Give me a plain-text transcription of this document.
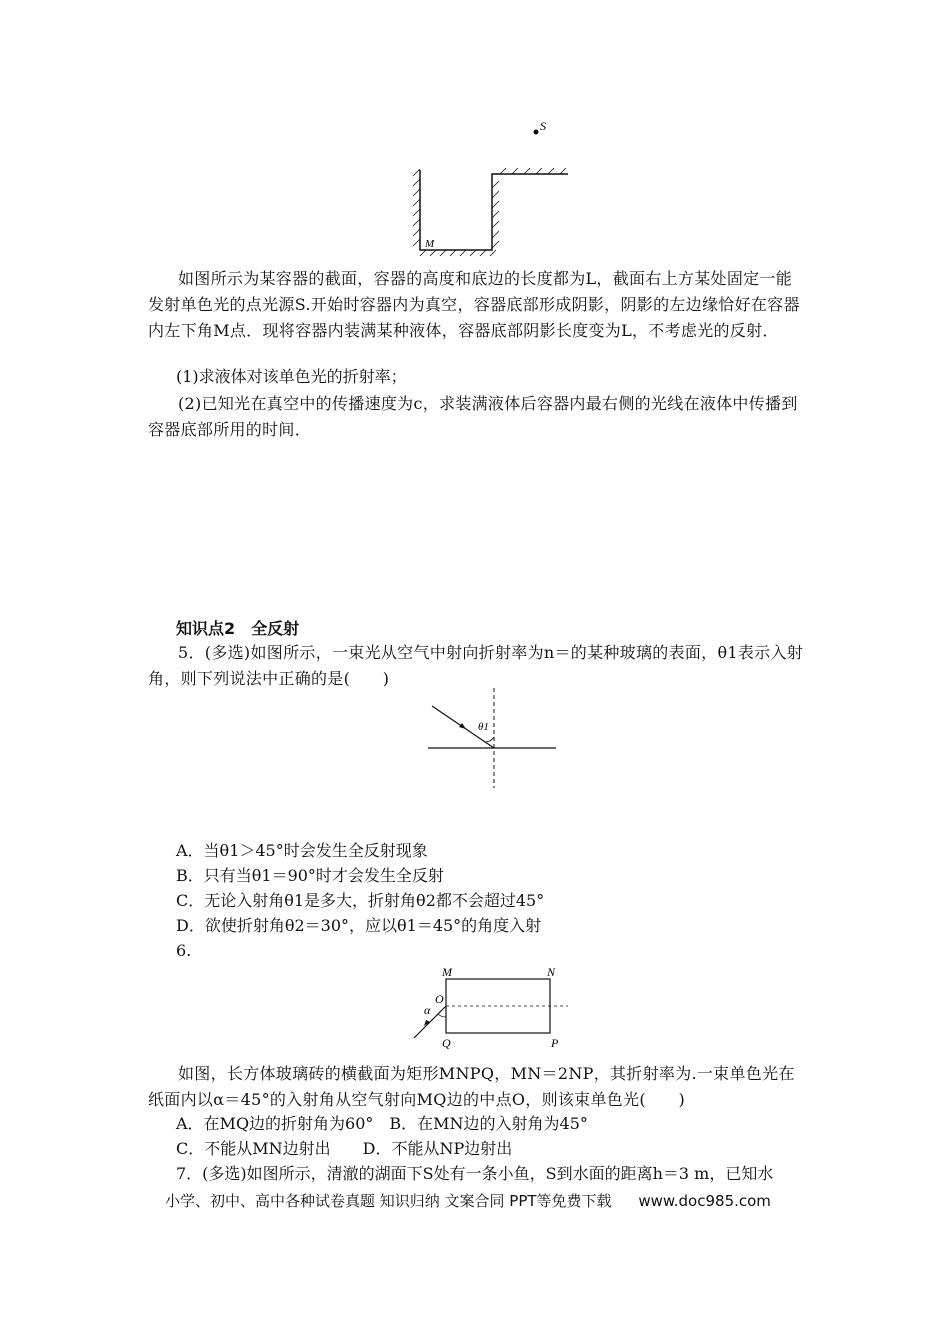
S
M
如图所示为某容器的截面，容器的高度和底边的长度都为L，截面右上方某处固定一能发射单色光的点光源S.开始时容器内为真空，容器底部形成阴影，阴影的左边缘恰好在容器内左下角M点．现将容器内装满某种液体，容器底部阴影长度变为L，不考虑光的反射．
(1)求液体对该单色光的折射率；
(2)已知光在真空中的传播速度为c，求装满液体后容器内最右侧的光线在液体中传播到容器底部所用的时间．
知识点2　全反射
5．(多选)如图所示，一束光从空气中射向折射率为n＝的某种玻璃的表面，θ1表示入射角，则下列说法中正确的是(　　)
θ1
A．当θ1＞45°时会发生全反射现象
B．只有当θ1＝90°时才会发生全反射
C．无论入射角θ1是多大，折射角θ2都不会超过45°
D．欲使折射角θ2＝30°，应以θ1＝45°的角度入射
6.
M	N
O
α
Q	P
如图，长方体玻璃砖的横截面为矩形MNPQ，MN＝2NP，其折射率为.一束单色光在纸面内以α＝45°的入射角从空气射向MQ边的中点O，则该束单色光(　　)
A．在MQ边的折射角为60°　B．在MN边的入射角为45°
C．不能从MN边射出　　D．不能从NP边射出
7．(多选)如图所示，清澈的湖面下S处有一条小鱼，S到水面的距离h＝3 m，已知水
小学、初中、高中各种试卷真题 知识归纳 文案合同 PPT等免费下载 www.doc985.com
